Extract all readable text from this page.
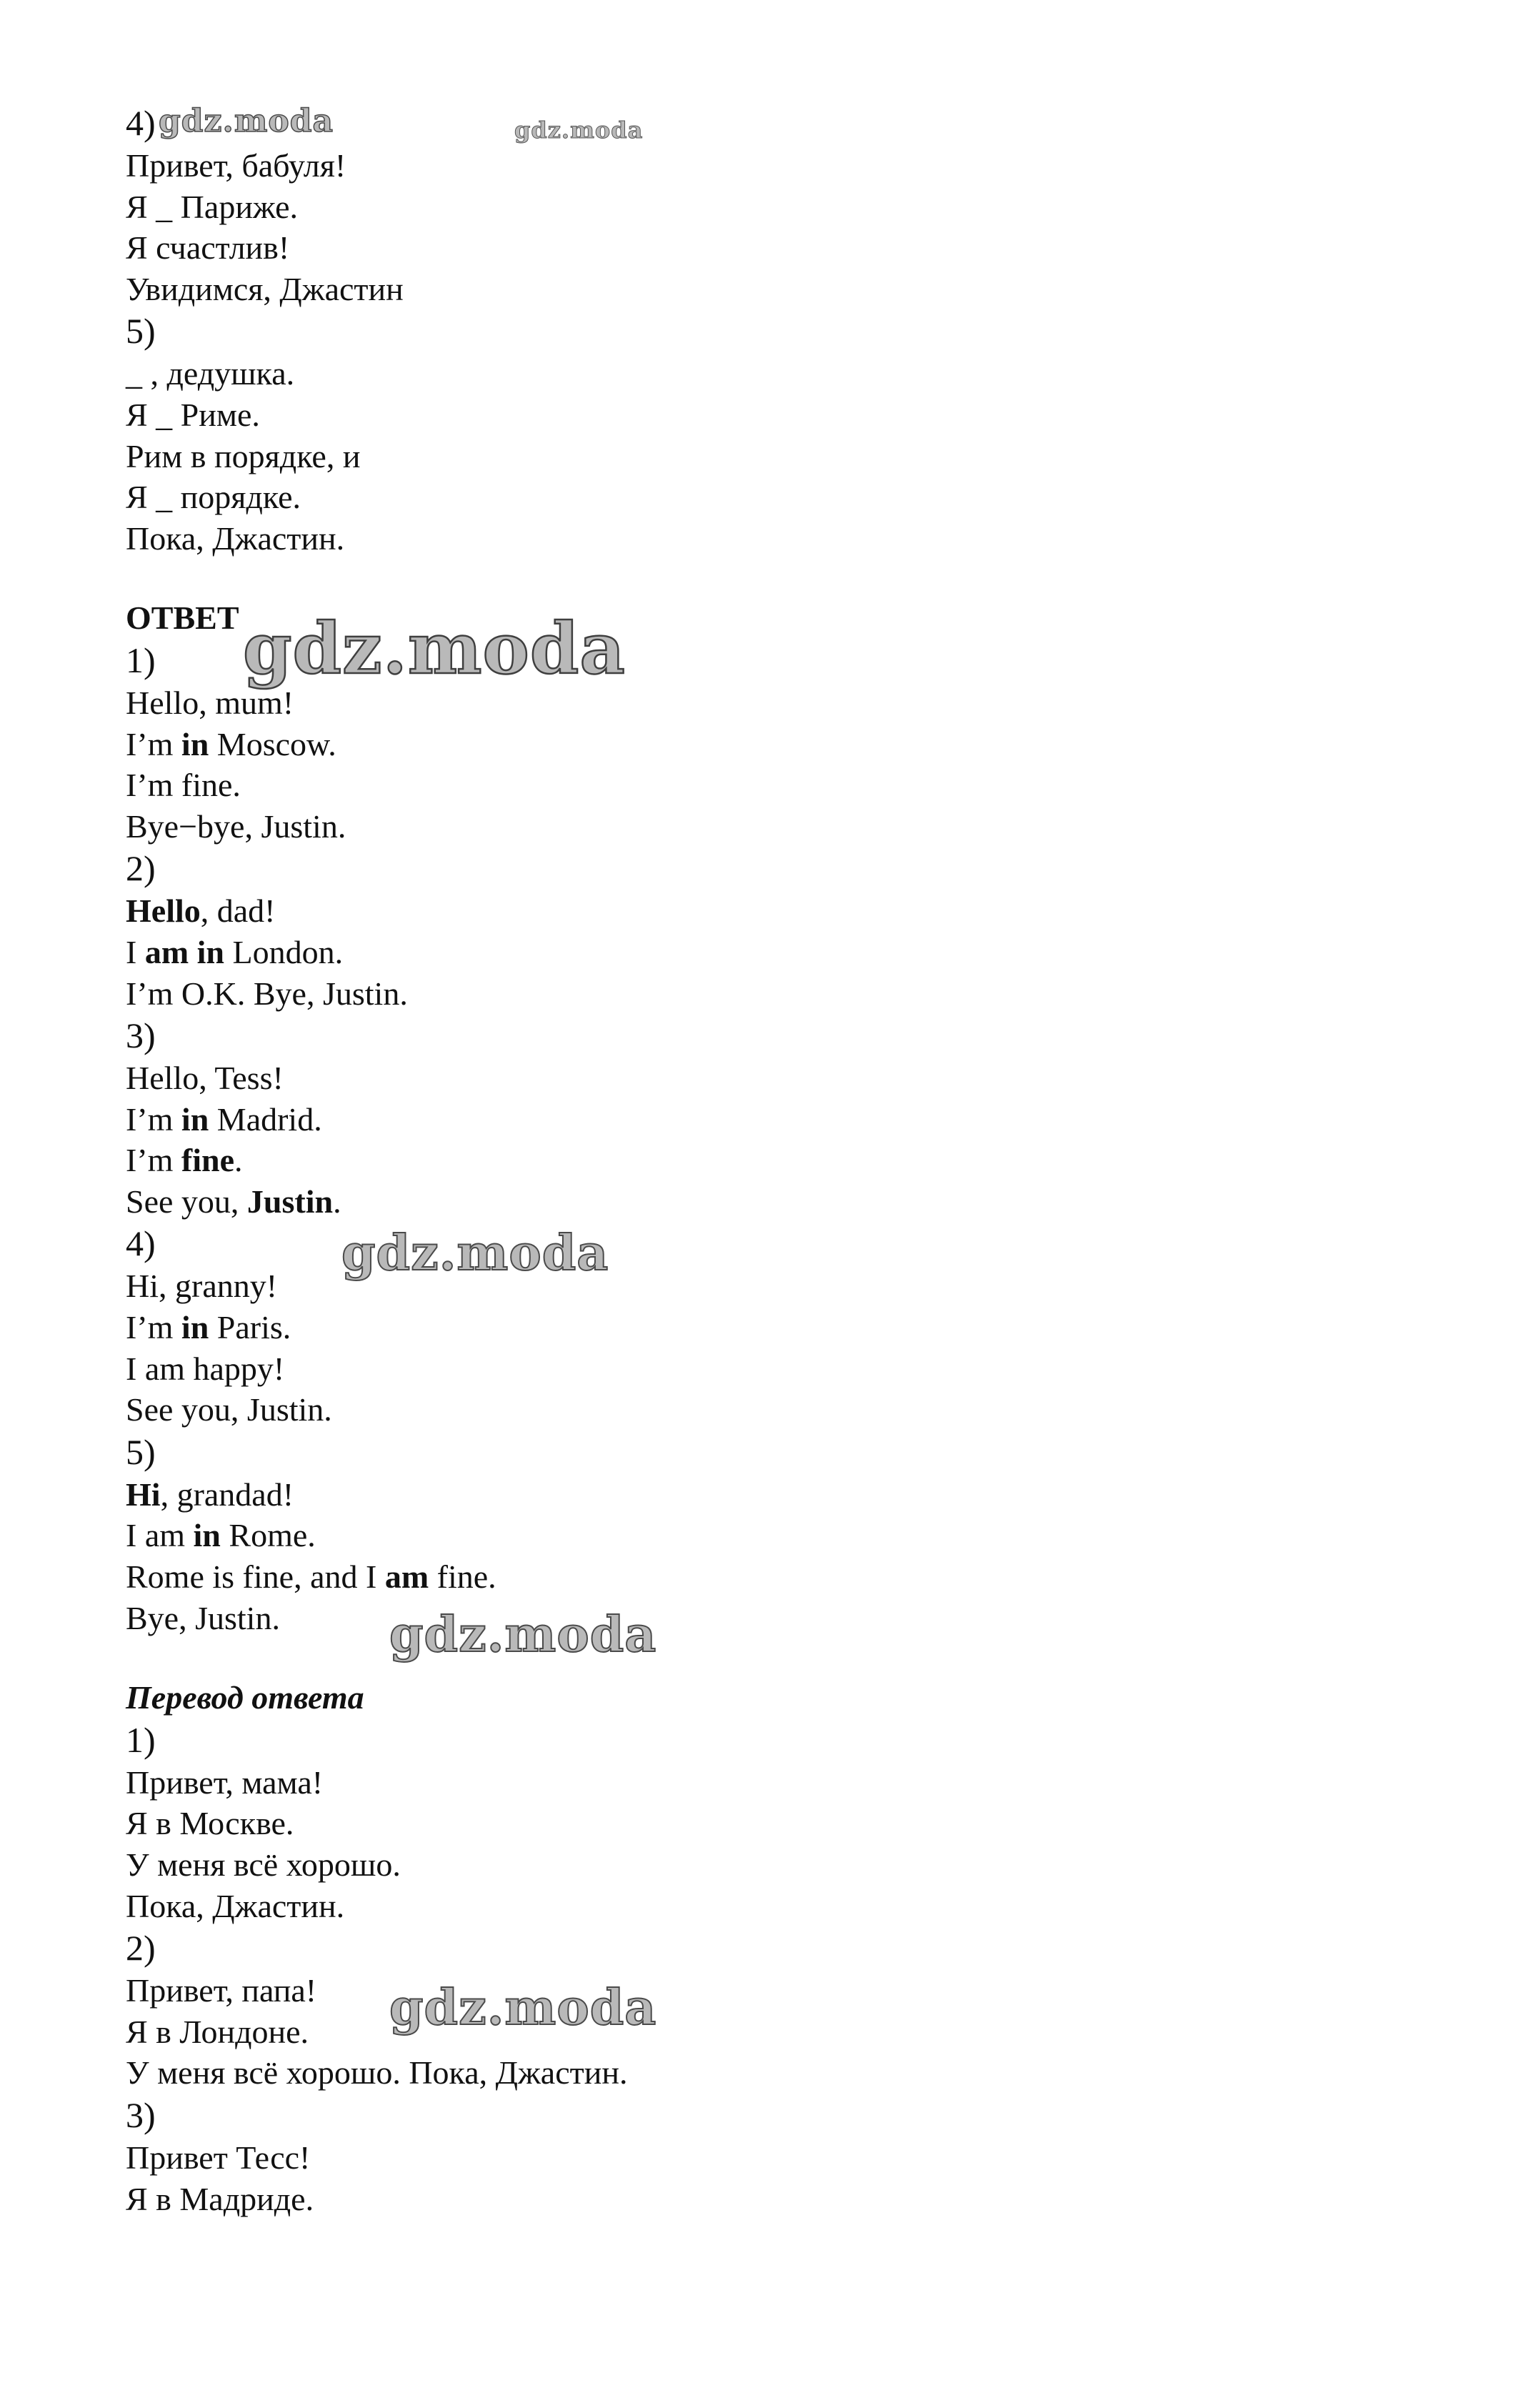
4)
Привет, бабуля!
Я _ Париже.
Я счастлив!
Увидимся, Джастин
5)
_ , дедушка.
Я _ Риме.
Рим в порядке, и
Я _ порядке.
Пока, Джастин.
ОТВЕТ
1)
Hello, mum!
I’m in Moscow.
I’m fine.
Bye−bye, Justin.
2)
Hello, dad!
I am in London.
I’m O.K. Bye, Justin.
3)
Hello, Tess!
I’m in Madrid.
I’m fine.
See you, Justin.
4)
Hi, granny!
I’m in Paris.
I am happy!
See you, Justin.
5)
Hi, grandad!
I am in Rome.
Rome is fine, and I am fine.
Bye, Justin.
Перевод ответа
1)
Привет, мама!
Я в Москве.
У меня всё хорошо.
Пока, Джастин.
2)
Привет, папа!
Я в Лондоне.
У меня всё хорошо. Пока, Джастин.
3)
Привет Тесс!
Я в Мадриде.
gdz.moda	gdz.moda
gdz.moda
gdz.moda
gdz.moda
gdz.moda
